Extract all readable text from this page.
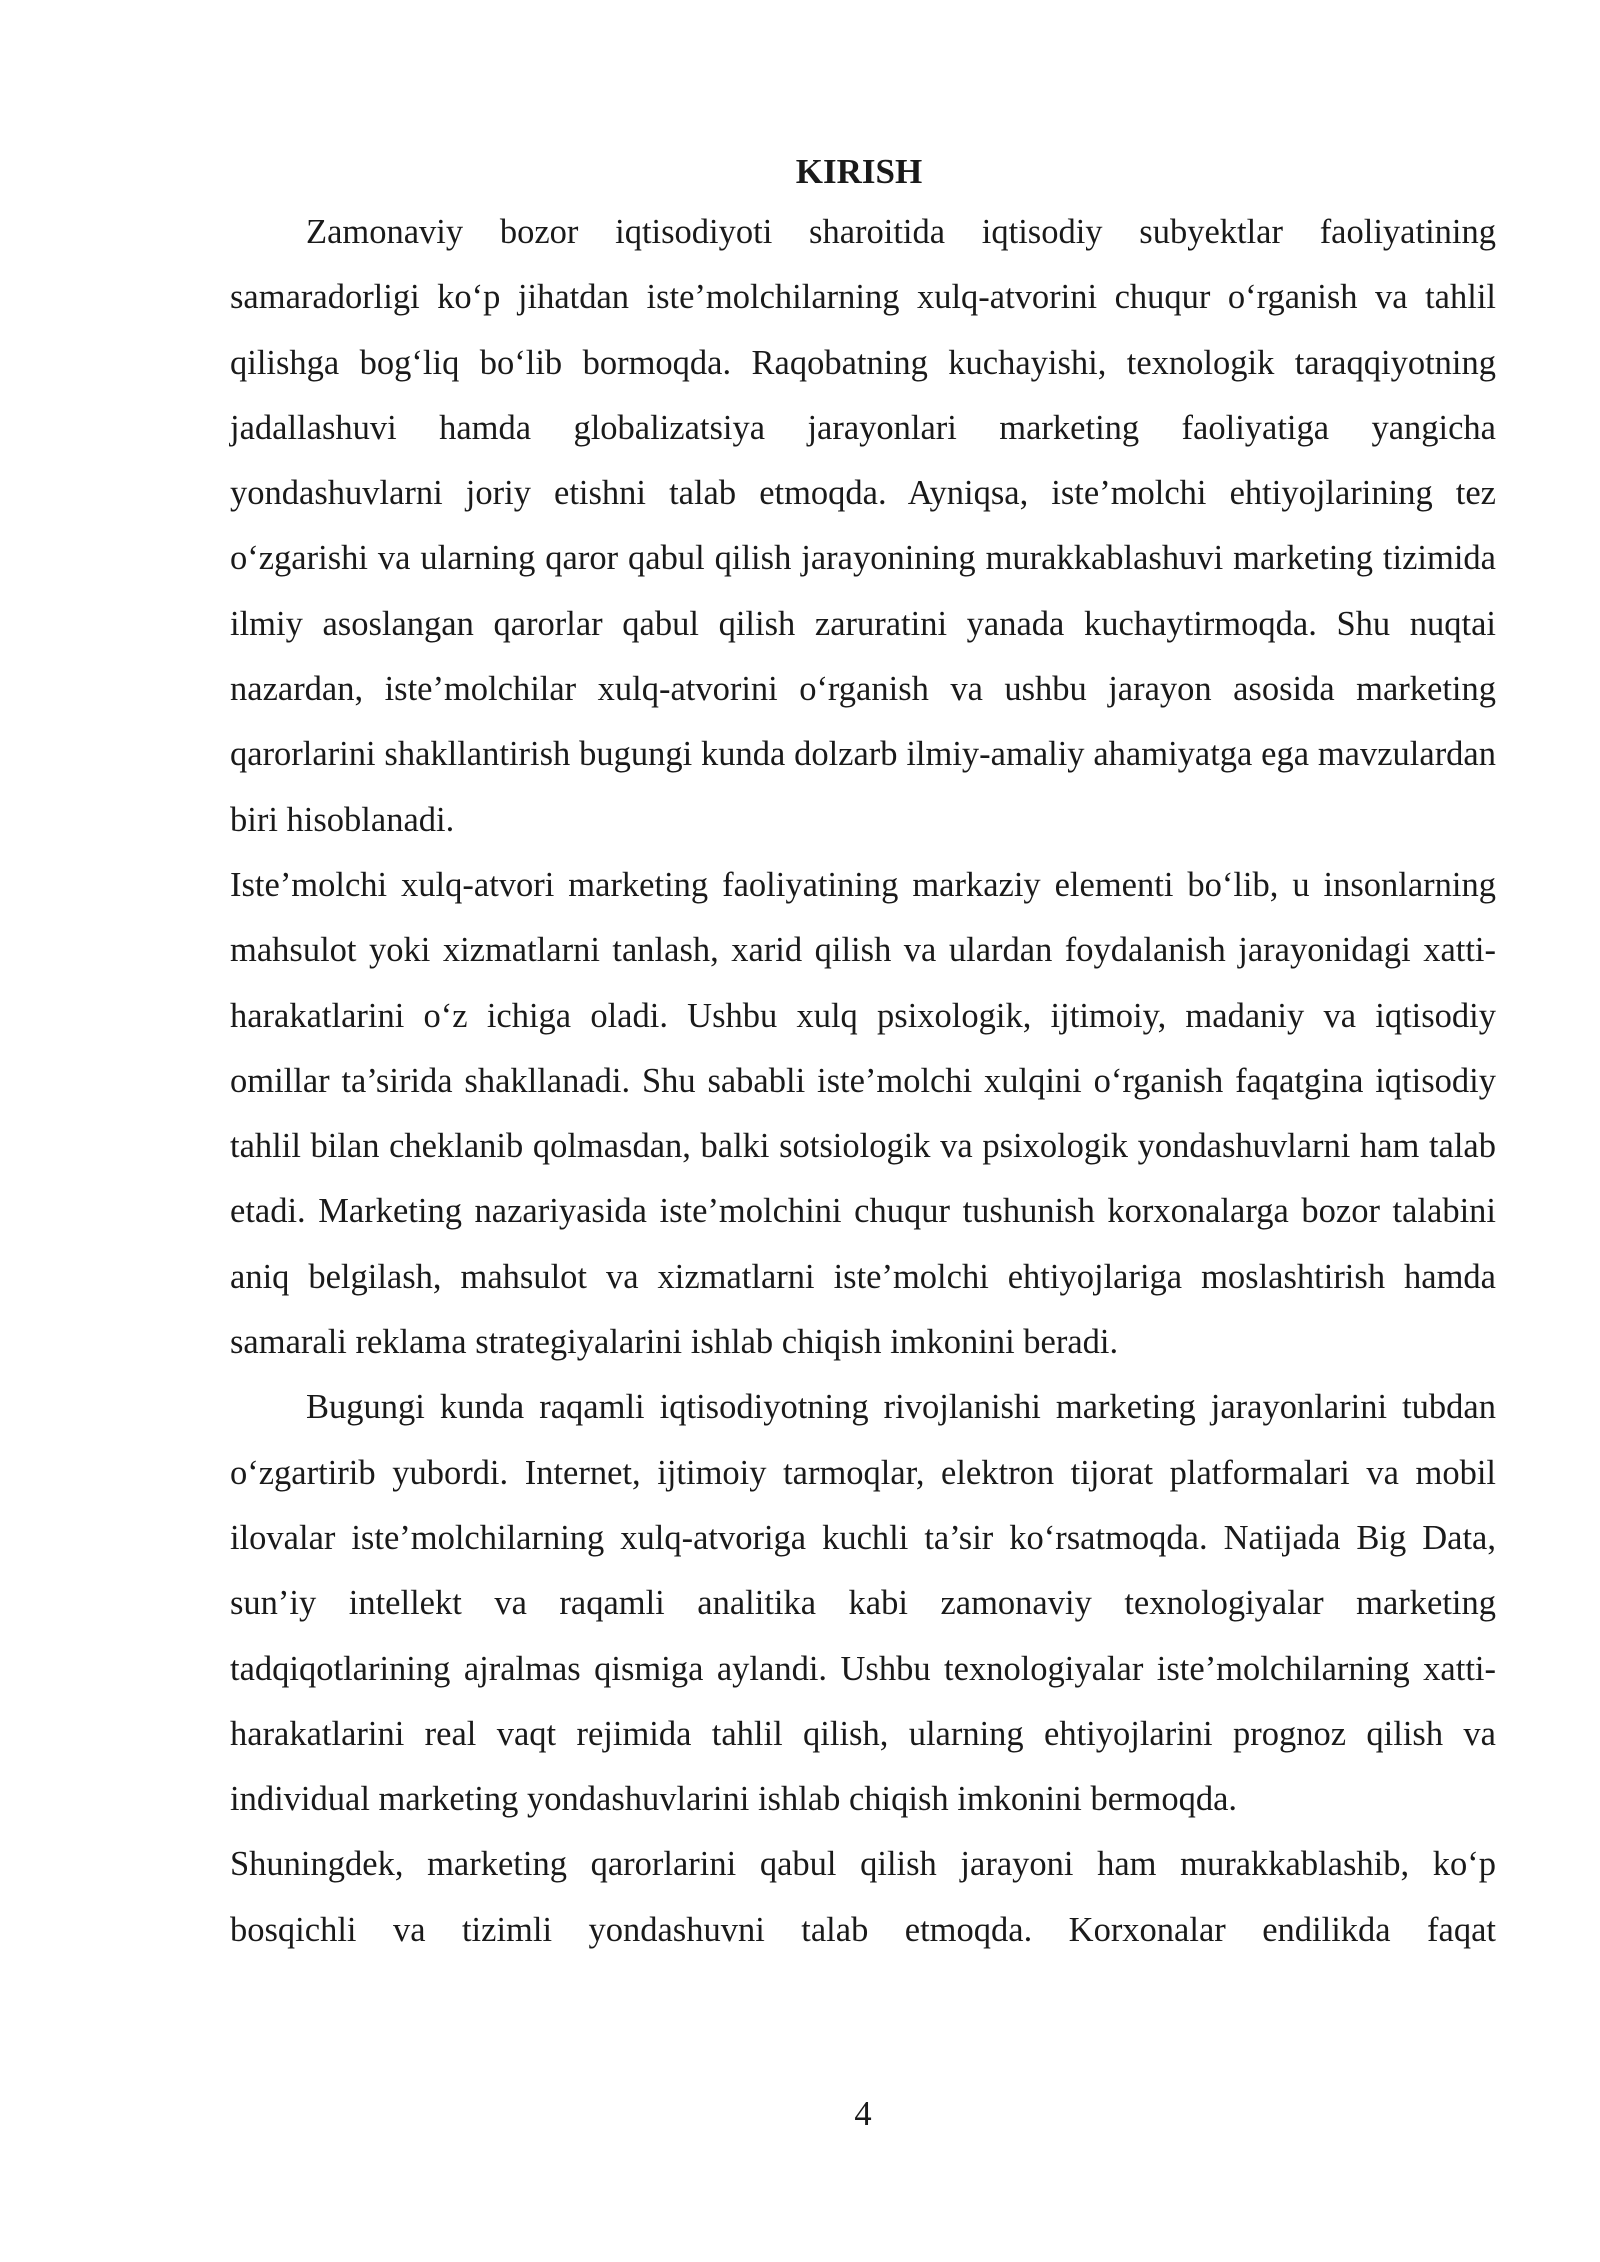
KIRISH

Zamonaviy bozor iqtisodiyoti sharoitida iqtisodiy subyektlar faoliyatining samaradorligi ko‘p jihatdan iste’molchilarning xulq-atvorini chuqur o‘rganish va tahlil qilishga bog‘liq bo‘lib bormoqda. Raqobatning kuchayishi, texnologik taraqqiyotning jadallashuvi hamda globalizatsiya jarayonlari marketing faoliyatiga yangicha yondashuvlarni joriy etishni talab etmoqda. Ayniqsa, iste’molchi ehtiyojlarining tez o‘zgarishi va ularning qaror qabul qilish jarayonining murakkablashuvi marketing tizimida ilmiy asoslangan qarorlar qabul qilish zaruratini yanada kuchaytirmoqda. Shu nuqtai nazardan, iste’molchilar xulq-atvorini o‘rganish va ushbu jarayon asosida marketing qarorlarini shakllantirish bugungi kunda dolzarb ilmiy-amaliy ahamiyatga ega mavzulardan biri hisoblanadi.

Iste’molchi xulq-atvori marketing faoliyatining markaziy elementi bo‘lib, u insonlarning mahsulot yoki xizmatlarni tanlash, xarid qilish va ulardan foydalanish jarayonidagi xatti-harakatlarini o‘z ichiga oladi. Ushbu xulq psixologik, ijtimoiy, madaniy va iqtisodiy omillar ta’sirida shakllanadi. Shu sababli iste’molchi xulqini o‘rganish faqatgina iqtisodiy tahlil bilan cheklanib qolmasdan, balki sotsiologik va psixologik yondashuvlarni ham talab etadi. Marketing nazariyasida iste’molchini chuqur tushunish korxonalarga bozor talabini aniq belgilash, mahsulot va xizmatlarni iste’molchi ehtiyojlariga moslashtirish hamda samarali reklama strategiyalarini ishlab chiqish imkonini beradi.

Bugungi kunda raqamli iqtisodiyotning rivojlanishi marketing jarayonlarini tubdan o‘zgartirib yubordi. Internet, ijtimoiy tarmoqlar, elektron tijorat platformalari va mobil ilovalar iste’molchilarning xulq-atvoriga kuchli ta’sir ko‘rsatmoqda. Natijada Big Data, sun’iy intellekt va raqamli analitika kabi zamonaviy texnologiyalar marketing tadqiqotlarining ajralmas qismiga aylandi. Ushbu texnologiyalar iste’molchilarning xatti-harakatlarini real vaqt rejimida tahlil qilish, ularning ehtiyojlarini prognoz qilish va individual marketing yondashuvlarini ishlab chiqish imkonini bermoqda.

Shuningdek, marketing qarorlarini qabul qilish jarayoni ham murakkablashib, ko‘p bosqichli va tizimli yondashuvni talab etmoqda. Korxonalar endilikda faqat

4
